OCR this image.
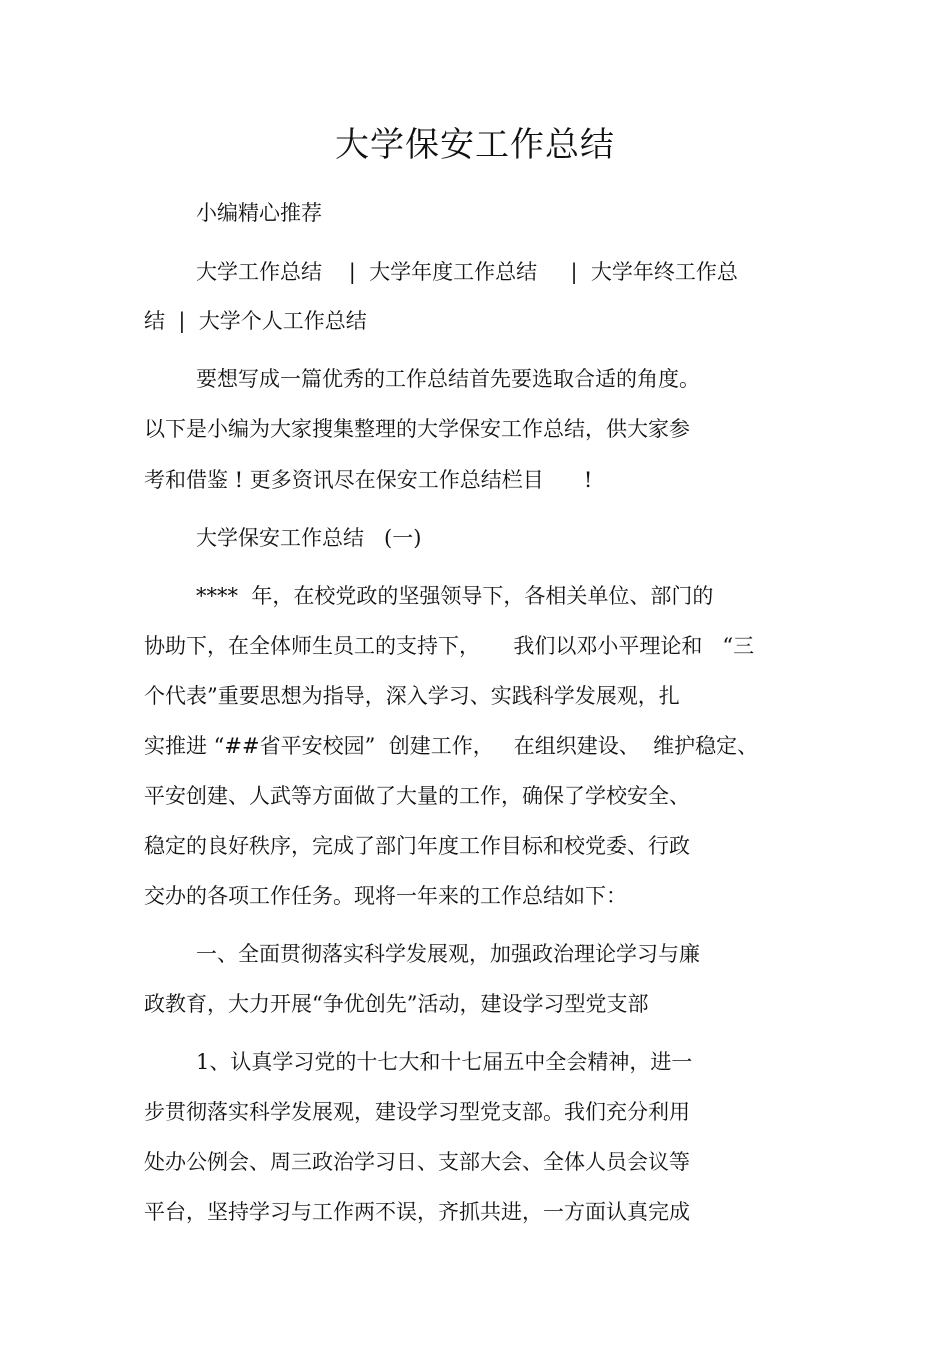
大学保安工作总结
小编精心推荐
大学工作总结    |  大学年度工作总结     |  大学年终工作总
结  |  大学个人工作总结
要想写成一篇优秀的工作总结首先要选取合适的角度。
以下是小编为大家搜集整理的大学保安工作总结，供大家参
考和借鉴 ! 更多资讯尽在保安工作总结栏目      !
大学保安工作总结   (一)
****  年，在校党政的坚强领导下，各相关单位、部门的
协助下，在全体师生员工的支持下，     我们以邓小平理论和   “三
个代表”重要思想为指导，深入学习、实践科学发展观，扎
实推进 “##省平安校园”  创建工作，   在组织建设、  维护稳定、
平安创建、人武等方面做了大量的工作，确保了学校安全、
稳定的良好秩序，完成了部门年度工作目标和校党委、行政
交办的各项工作任务。现将一年来的工作总结如下：
一、全面贯彻落实科学发展观，加强政治理论学习与廉
政教育，大力开展“争优创先”活动，建设学习型党支部
1、认真学习党的十七大和十七届五中全会精神，进一
步贯彻落实科学发展观，建设学习型党支部。我们充分利用
处办公例会、周三政治学习日、支部大会、全体人员会议等
平台，坚持学习与工作两不误，齐抓共进，一方面认真完成
